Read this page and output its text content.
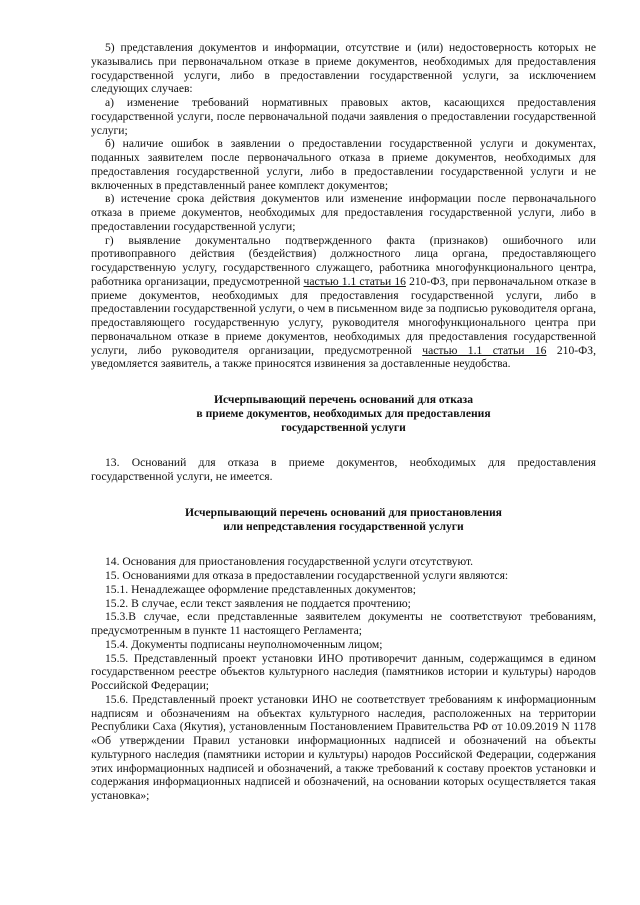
5) представления документов и информации, отсутствие и (или) недостоверность которых не указывались при первоначальном отказе в приеме документов, необходимых для предоставления государственной услуги, либо в предоставлении государственной услуги, за исключением следующих случаев:

а) изменение требований нормативных правовых актов, касающихся предоставления государственной услуги, после первоначальной подачи заявления о предоставлении государственной услуги;

б) наличие ошибок в заявлении о предоставлении государственной услуги и документах, поданных заявителем после первоначального отказа в приеме документов, необходимых для предоставления государственной услуги, либо в предоставлении государственной услуги и не включенных в представленный ранее комплект документов;

в) истечение срока действия документов или изменение информации после первоначального отказа в приеме документов, необходимых для предоставления государственной услуги, либо в предоставлении государственной услуги;

г) выявление документально подтвержденного факта (признаков) ошибочного или противоправного действия (бездействия) должностного лица органа, предоставляющего государственную услугу, государственного служащего, работника многофункционального центра, работника организации, предусмотренной частью 1.1 статьи 16 210-ФЗ, при первоначальном отказе в приеме документов, необходимых для предоставления государственной услуги, либо в предоставлении государственной услуги, о чем в письменном виде за подписью руководителя органа, предоставляющего государственную услугу, руководителя многофункционального центра при первоначальном отказе в приеме документов, необходимых для предоставления государственной услуги, либо руководителя организации, предусмотренной частью 1.1 статьи 16 210-ФЗ, уведомляется заявитель, а также приносятся извинения за доставленные неудобства.

Исчерпывающий перечень оснований для отказа
в приеме документов, необходимых для предоставления
государственной услуги

13. Оснований для отказа в приеме документов, необходимых для предоставления государственной услуги, не имеется.

Исчерпывающий перечень оснований для приостановления
или непредставления государственной услуги

14. Основания для приостановления государственной услуги отсутствуют.

15. Основаниями для отказа в предоставлении государственной услуги являются:

15.1. Ненадлежащее оформление представленных документов;

15.2. В случае, если текст заявления не поддается прочтению;

15.3.В случае, если представленные заявителем документы не соответствуют требованиям, предусмотренным в пункте 11 настоящего Регламента;

15.4. Документы подписаны неуполномоченным лицом;

15.5. Представленный проект установки ИНО противоречит данным, содержащимся в едином государственном реестре объектов культурного наследия (памятников истории и культуры) народов Российской Федерации;

15.6. Представленный проект установки ИНО не соответствует требованиям к информационным надписям и обозначениям на объектах культурного наследия, расположенных на территории Республики Саха (Якутия), установленным Постановлением Правительства РФ от 10.09.2019 N 1178 «Об утверждении Правил установки информационных надписей и обозначений на объекты культурного наследия (памятники истории и культуры) народов Российской Федерации, содержания этих информационных надписей и обозначений, а также требований к составу проектов установки и содержания информационных надписей и обозначений, на основании которых осуществляется такая установка»;
